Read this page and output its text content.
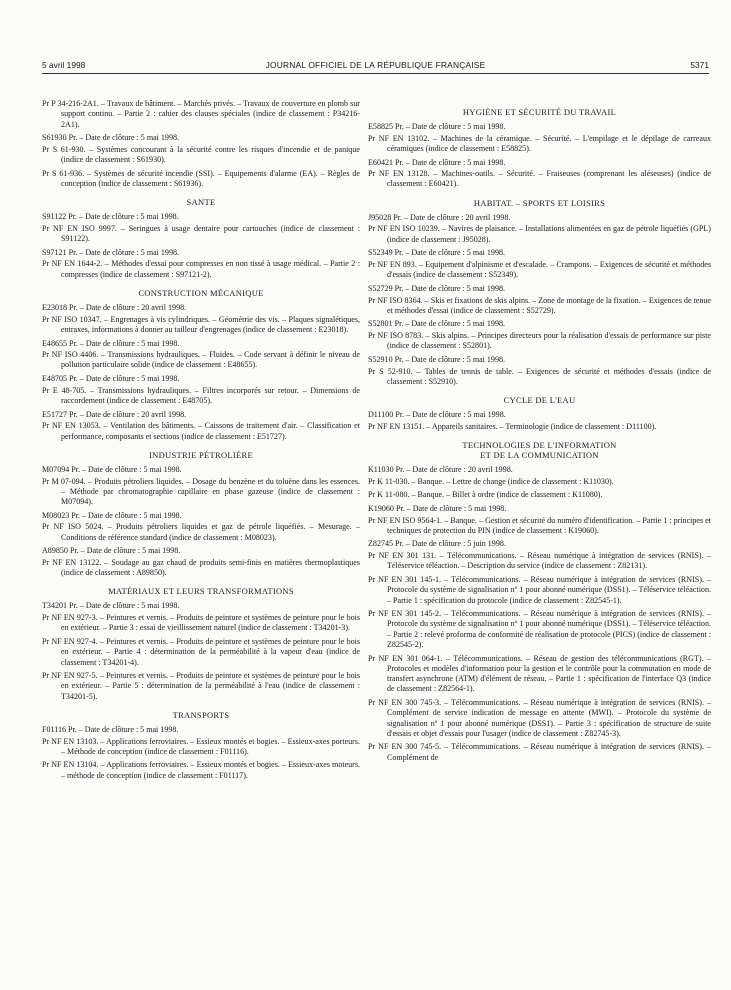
5 avril 1998	JOURNAL OFFICIEL DE LA RÉPUBLIQUE FRANÇAISE	5371

Pr P 34-216-2A1. – Travaux de bâtiment. – Marchés privés. – Travaux de couverture en plomb sur support continu. – Partie 2 : cahier des clauses spéciales (indice de classement : P34216-2A1).

S61930 Pr. – Date de clôture : 5 mai 1998.

Pr S 61-930. – Systèmes concourant à la sécurité contre les risques d'incendie et de panique (indice de classement : S61930).

Pr S 61-936. – Systèmes de sécurité incendie (SSI). – Equipements d'alarme (EA). – Règles de conception (indice de classement : S61936).

SANTE

S91122 Pr. – Date de clôture : 5 mai 1998.

Pr NF EN ISO 9997. – Seringues à usage dentaire pour cartouches (indice de classement : S91122).

S97121 Pr. – Date de clôture : 5 mai 1998.

Pr NF EN 1644-2. – Méthodes d'essai pour compresses en non tissé à usage médical. – Partie 2 : compresses (indice de classement : S97121-2).

CONSTRUCTION MÉCANIQUE

E23018 Pr. – Date de clôture : 20 avril 1998.

Pr NF ISO 10347. – Engrenages à vis cylindriques. – Géométrie des vis. – Plaques signalétiques, entraxes, informations à donner au tailleur d'engrenages (indice de classement : E23018).

E48655 Pr. – Date de clôture : 5 mai 1998.

Pr NF ISO 4406. – Transmissions hydrauliques. – Fluides. – Code servant à définir le niveau de pollution particulaire solide (indice de classement : E48655).

E48705 Pr. – Date de clôture : 5 mai 1998.

Pr E 48-705. – Transmissions hydrauliques. – Filtres incorporés sur retour. – Dimensions de raccordement (indice de classement : E48705).

E51727 Pr. – Date de clôture : 20 avril 1998.

Pr NF EN 13053. – Ventilation des bâtiments. – Caissons de traitement d'air. – Classification et performance, composants et sections (indice de classement : E51727).

INDUSTRIE PÉTROLIÈRE

M07094 Pr. – Date de clôture : 5 mai 1998.

Pr M 07-094. – Produits pétroliers liquides. – Dosage du benzène et du toluène dans les essences. – Méthode par chromatographie capillaire en phase gazeuse (indice de classement : M07094).

M08023 Pr. – Date de clôture : 5 mai 1998.

Pr NF ISO 5024. – Produits pétroliers liquides et gaz de pétrole liquéfiés. – Mesurage. – Conditions de référence standard (indice de classement : M08023).

A89850 Pr. – Date de clôture : 5 mai 1998.

Pr NF EN 13122. – Soudage au gaz chaud de produits semi-finis en matières thermoplastiques (indice de classement : A89850).

MATÉRIAUX ET LEURS TRANSFORMATIONS

T34201 Pr. – Date de clôture : 5 mai 1998.

Pr NF EN 927-3. – Peintures et vernis. – Produits de peinture et systèmes de peinture pour le bois en extérieur. – Partie 3 : essai de vieillissement naturel (indice de classement : T34201-3).

Pr NF EN 927-4. – Peintures et vernis. – Produits de peinture et systèmes de peinture pour le bois en extérieur. – Partie 4 : détermination de la perméabilité à la vapeur d'eau (indice de classement : T34201-4).

Pr NF EN 927-5. – Peintures et vernis. – Produits de peinture et systèmes de peinture pour le bois en extérieur. – Partie 5 : détermination de la perméabilité à l'eau (indice de classement : T34201-5).

TRANSPORTS

F01116 Pr. – Date de clôture : 5 mai 1998.

Pr NF EN 13103. – Applications ferroviaires. – Essieux montés et bogies. – Essieux-axes porteurs. – Méthode de conception (indice de classement : F01116).

Pr NF EN 13104. – Applications ferroviaires. – Essieux montés et bogies. – Essieux-axes moteurs. – méthode de conception (indice de classement : F01117).

HYGIÈNE ET SÉCURITÉ DU TRAVAIL

E58825 Pr. – Date de clôture : 5 mai 1998.

Pr NF EN 13102. – Machines de la céramique. – Sécurité. – L'empilage et le dépilage de carreaux céramiques (indice de classement : E58825).

E60421 Pr. – Date de clôture : 5 mai 1998.

Pr NF EN 13128. – Machines-outils. – Sécurité. – Fraiseuses (comprenant les aléseuses) (indice de classement : E60421).

HABITAT. – SPORTS ET LOISIRS

J95028 Pr. – Date de clôture : 20 avril 1998.

Pr NF EN ISO 10239. – Navires de plaisance. – Installations alimentées en gaz de pétrole liquéfiés (GPL) (indice de classement : J95028).

S52349 Pr. – Date de clôture : 5 mai 1998.

Pr NF EN 893. – Equipement d'alpinisme et d'escalade. – Crampons. – Exigences de sécurité et méthodes d'essais (indice de classement : S52349).

S52729 Pr. – Date de clôture : 5 mai 1998.

Pr NF ISO 8364. – Skis et fixations de skis alpins. – Zone de montage de la fixation. – Exigences de tenue et méthodes d'essai (indice de classement : S52729).

S52801 Pr. – Date de clôture : 5 mai 1998.

Pr NF ISO 8783. – Skis alpins. – Principes directeurs pour la réalisation d'essais de performance sur piste (indice de classement : S52801).

S52910 Pr. – Date de clôture : 5 mai 1998.

Pr S 52-910. – Tables de tennis de table. – Exigences de sécurité et méthodes d'essais (indice de classement : S52910).

CYCLE DE L'EAU

D11100 Pr. – Date de clôture : 5 mai 1998.

Pr NF EN 13151. – Appareils sanitaires. – Terminologie (indice de classement : D11100).

TECHNOLOGIES DE L'INFORMATION
ET DE LA COMMUNICATION

K11030 Pr. – Date de clôture : 20 avril 1998.

Pr K 11-030. – Banque. – Lettre de change (indice de classement : K11030).

Pr K 11-080. – Banque. – Billet à ordre (indice de classement : K11080).

K19060 Pr. – Date de clôture : 5 mai 1998.

Pr NF EN ISO 9564-1. – Banque. – Gestion et sécurité du numéro d'identification. – Partie 1 : principes et techniques de protection du PIN (indice de classement : K19060).

Z82745 Pr. – Date de clôture : 5 juin 1998.

Pr NF EN 301 131. – Télécommunications. – Réseau numérique à intégration de services (RNIS). – Téléservice téléaction. – Description du service (indice de classement : Z82131).

Pr NF EN 301 145-1. – Télécommunications. – Réseau numérique à intégration de services (RNIS). – Protocole du système de signalisation nº 1 pour abonné numérique (DSS1). – Téléservice téléaction. – Partie 1 : spécification du protocole (indice de classement : Z82545-1).

Pr NF EN 301 145-2. – Télécommunications. – Réseau numérique à intégration de services (RNIS). – Protocole du système de signalisation nº 1 pour abonné numérique (DSS1). – Téléservice téléaction. – Partie 2 : relevé proforma de conformité de réalisation de protocole (PICS) (indice de classement : Z82545-2).

Pr NF EN 301 064-1. – Télécommunications. – Réseau de gestion des télécommunications (RGT). – Protocoles et modèles d'information pour la gestion et le contrôle pour la commutation en mode de transfert asynchrone (ATM) d'élément de réseau. – Partie 1 : spécification de l'interface Q3 (indice de classement : Z82564-1).

Pr NF EN 300 745-3. – Télécommunications. – Réseau numérique à intégration de services (RNIS). – Complément de service indication de message en attente (MWI). – Protocole du système de signalisation nº 1 pour abonné numérique (DSS1). – Partie 3 : spécification de structure de suite d'essais et objet d'essais pour l'usager (indice de classement : Z82745-3).

Pr NF EN 300 745-5. – Télécommunications. – Réseau numérique à intégration de services (RNIS). – Complément de
